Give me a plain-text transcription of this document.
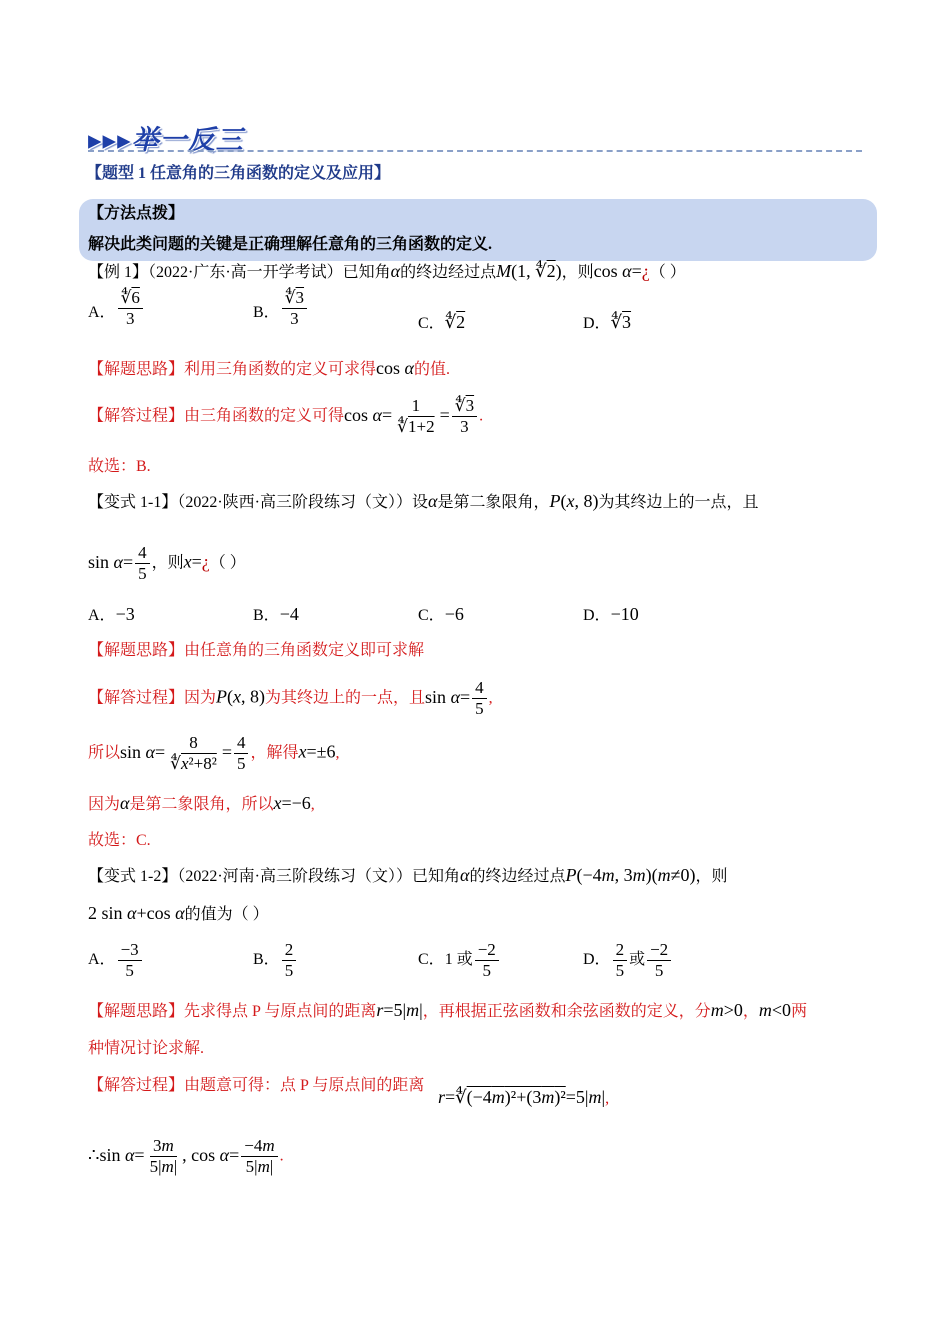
▸▸▸举一反三
【题型 1 任意角的三角函数的定义及应用】
【方法点拨】
解决此类问题的关键是正确理解任意角的三角函数的定义.
【例 1】（2022·广东·高一开学考试）已知角α的终边经过点M(1, ∜2)，则cos α=¿（ ）
A． $\frac{∜6}{3}$	B． $\frac{∜3}{3}$	C．∜2	D．∜3
【解题思路】利用三角函数的定义可求得cos α的值.
【解答过程】由三角函数的定义可得$\cos \alpha= \frac{1}{∜1+2} = \frac{∜3}{3}$ .
故选：B.
【变式 1-1】（2022·陕西·高三阶段练习（文））设α是第二象限角，P(x, 8)为其终边上的一点，且
$\sin \alpha= \frac{4}{5}$ ，则x=¿（ ）
A．−3	B．−4	C．−6	D．−10
【解题思路】由任意角的三角函数定义即可求解
【解答过程】因为P(x, 8)为其终边上的一点，且$\sin \alpha= \frac{4}{5}$ ,
所以$\sin \alpha= \frac{8}{\text{∜x²+8²}} = \frac{4}{5}$ ，解得x=±6,
因为α是第二象限角，所以x=−6,
故选：C.
【变式 1-2】（2022·河南·高三阶段练习（文））已知角α的终边经过点P(−4m, 3m)(m≠0)，则
2 sin α+cos α的值为（ ）
A． $\frac{-3}{5}$	B． $\frac{2}{5}$	C．1 或 $\frac{-2}{5}$	D． $\frac{2}{5}$ 或 $\frac{-2}{5}$
【解题思路】先求得点 P 与原点间的距离r=5|m|，再根据正弦函数和余弦函数的定义，分m>0，m<0两
种情况讨论求解.
【解答过程】由题意可得：点 P 与原点间的距离
r=∜(−4m)²+(3m)²=5|m|,
∴sin $\alpha= \frac{3m}{5|m|}$ , $\cos \alpha= \frac{-4m}{5|m|}$ .
